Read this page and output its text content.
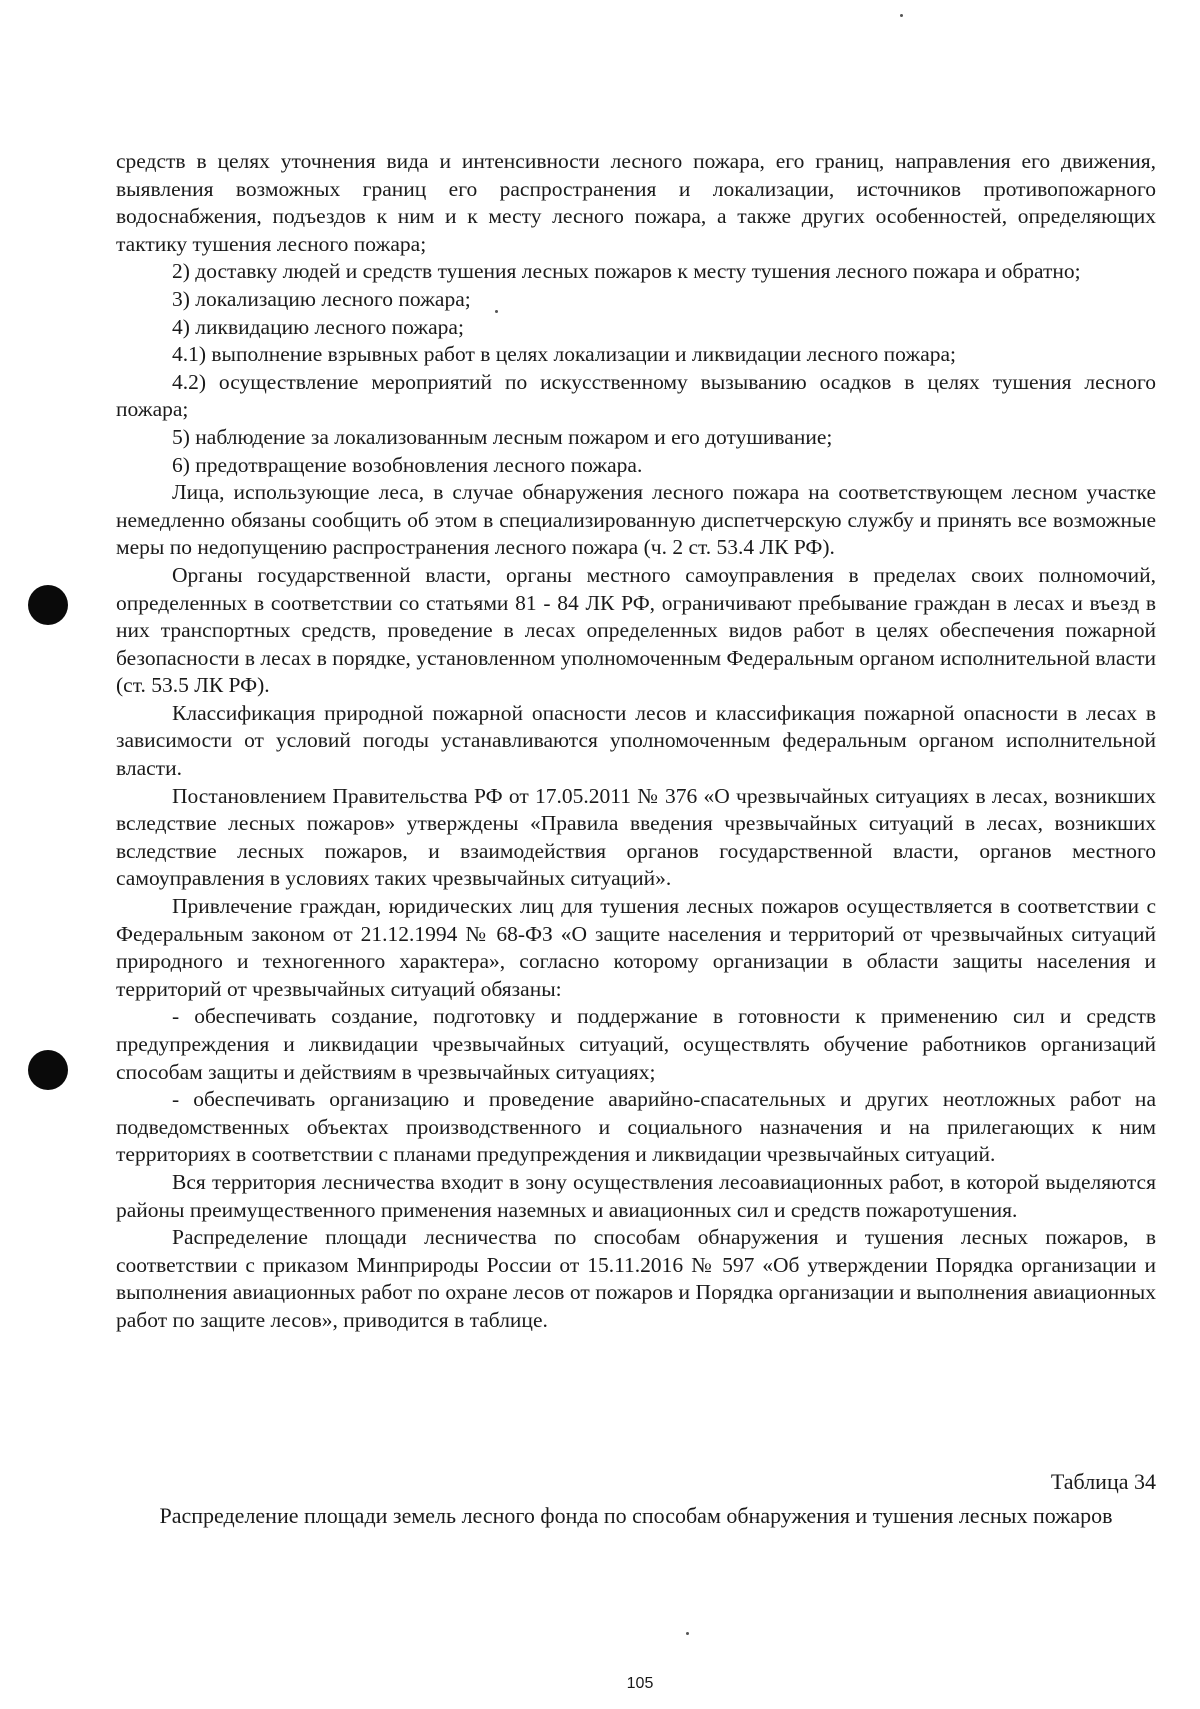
средств в целях уточнения вида и интенсивности лесного пожара, его границ, направления его движения, выявления возможных границ его распространения и локализации, источников противопожарного водоснабжения, подъездов к ним и к месту лесного пожара, а также других особенностей, определяющих тактику тушения лесного пожара;

2) доставку людей и средств тушения лесных пожаров к месту тушения лесного пожара и обратно;

3) локализацию лесного пожара;

4) ликвидацию лесного пожара;

4.1) выполнение взрывных работ в целях локализации и ликвидации лесного пожара;

4.2) осуществление мероприятий по искусственному вызыванию осадков в целях тушения лесного пожара;

5) наблюдение за локализованным лесным пожаром и его дотушивание;

6) предотвращение возобновления лесного пожара.

Лица, использующие леса, в случае обнаружения лесного пожара на соответствующем лесном участке немедленно обязаны сообщить об этом в специализированную диспетчерскую службу и принять все возможные меры по недопущению распространения лесного пожара (ч. 2 ст. 53.4 ЛК РФ).

Органы государственной власти, органы местного самоуправления в пределах своих полномочий, определенных в соответствии со статьями 81 - 84 ЛК РФ, ограничивают пребывание граждан в лесах и въезд в них транспортных средств, проведение в лесах определенных видов работ в целях обеспечения пожарной безопасности в лесах в порядке, установленном уполномоченным Федеральным органом исполнительной власти (ст. 53.5 ЛК РФ).

Классификация природной пожарной опасности лесов и классификация пожарной опасности в лесах в зависимости от условий погоды устанавливаются уполномоченным федеральным органом исполнительной власти.

Постановлением Правительства РФ от 17.05.2011 № 376 «О чрезвычайных ситуациях в лесах, возникших вследствие лесных пожаров» утверждены «Правила введения чрезвычайных ситуаций в лесах, возникших вследствие лесных пожаров, и взаимодействия органов государственной власти, органов местного самоуправления в условиях таких чрезвычайных ситуаций».

Привлечение граждан, юридических лиц для тушения лесных пожаров осуществляется в соответствии с Федеральным законом от 21.12.1994 № 68-ФЗ «О защите населения и территорий от чрезвычайных ситуаций природного и техногенного характера», согласно которому организации в области защиты населения и территорий от чрезвычайных ситуаций обязаны:

- обеспечивать создание, подготовку и поддержание в готовности к применению сил и средств предупреждения и ликвидации чрезвычайных ситуаций, осуществлять обучение работников организаций способам защиты и действиям в чрезвычайных ситуациях;

- обеспечивать организацию и проведение аварийно-спасательных и других неотложных работ на подведомственных объектах производственного и социального назначения и на прилегающих к ним территориях в соответствии с планами предупреждения и ликвидации чрезвычайных ситуаций.

Вся территория лесничества входит в зону осуществления лесоавиационных работ, в которой выделяются районы преимущественного применения наземных и авиационных сил и средств пожаротушения.

Распределение площади лесничества по способам обнаружения и тушения лесных пожаров, в соответствии с приказом Минприроды России от 15.11.2016 № 597 «Об утверждении Порядка организации и выполнения авиационных работ по охране лесов от пожаров и Порядка организации и выполнения авиационных работ по защите лесов», приводится в таблице.

Таблица 34
Распределение площади земель лесного фонда по способам обнаружения и тушения лесных пожаров
105
